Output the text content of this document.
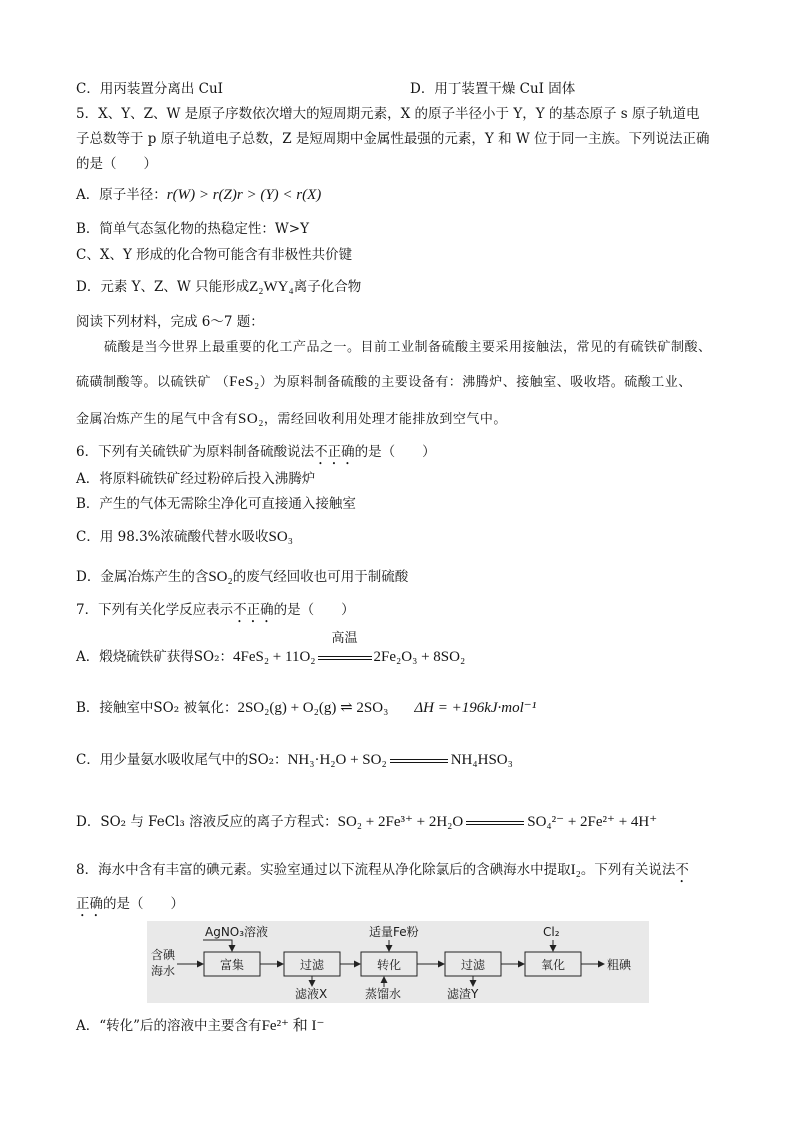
C．用丙装置分离出 CuI	D．用丁装置干燥 CuI 固体
5．X、Y、Z、W 是原子序数依次增大的短周期元素，X 的原子半径小于 Y，Y 的基态原子 s 原子轨道电
子总数等于 p 原子轨道电子总数，Z 是短周期中金属性最强的元素，Y 和 W 位于同一主族。下列说法正确
的是（　　）
A．原子半径：r(W) > r(Z)r > (Y) < r(X)
B．简单气态氢化物的热稳定性：W>Y
C、X、Y 形成的化合物可能含有非极性共价键
D．元素 Y、Z、W 只能形成Z₂WY₄离子化合物
阅读下列材料，完成 6～7 题：
硫酸是当今世界上最重要的化工产品之一。目前工业制备硫酸主要采用接触法，常见的有硫铁矿制酸、
硫磺制酸等。以硫铁矿 （FeS₂）为原料制备硫酸的主要设备有：沸腾炉、接触室、吸收塔。硫酸工业、
金属冶炼产生的尾气中含有SO₂，需经回收利用处理才能排放到空气中。
6．下列有关硫铁矿为原料制备硫酸说法不正确的是（　　）
A．将原料硫铁矿经过粉碎后投入沸腾炉
B．产生的气体无需除尘净化可直接通入接触室
C．用 98.3%浓硫酸代替水吸收SO₃
D．金属冶炼产生的含SO₂的废气经回收也可用于制硫酸
7．下列有关化学反应表示不正确的是（　　）
A．煅烧硫铁矿获得SO₂：4FeS₂ + 11O₂
高温
2Fe₂O₃ + 8SO₂
B．接触室中SO₂ 被氧化：2SO₂(g) + O₂(g) ⇌ 2SO₃ ΔH = +196kJ·mol⁻¹
C．用少量氨水吸收尾气中的SO₂：NH₃·H₂O + SO₂	NH₄HSO₃
D．SO₂ 与 FeCl₃ 溶液反应的离子方程式：SO₂ + 2Fe³⁺ + 2H₂O	SO₄²⁻ + 2Fe²⁺ + 4H⁺
8．海水中含有丰富的碘元素。实验室通过以下流程从净化除氯后的含碘海水中提取I₂。下列有关说法不
正确的是（　　）
含碘
海水	富集	过滤	转化	过滤	氧化	粗碘
AgNO₃溶液	适量Fe粉	Cl₂
滤液X	蒸馏水	滤渣Y
A．“转化”后的溶液中主要含有Fe²⁺ 和 I⁻
